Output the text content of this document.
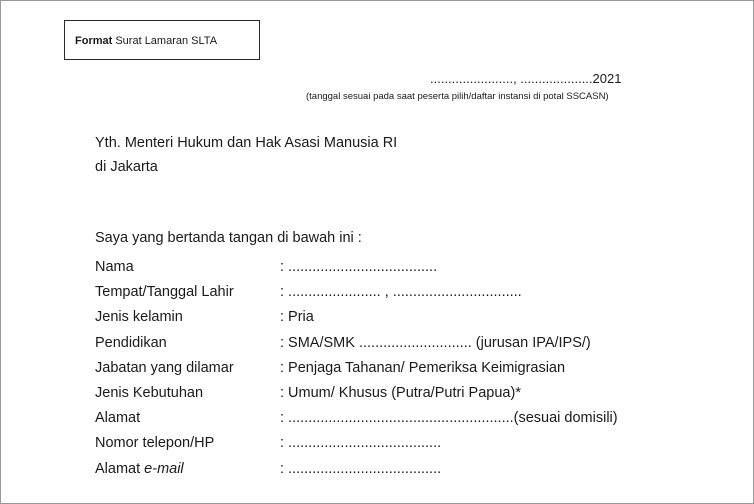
Format Surat Lamaran SLTA
......................., ....................2021
(tanggal sesuai pada saat peserta pilih/daftar instansi di potal SSCASN)
Yth. Menteri Hukum dan Hak Asasi Manusia RI
di Jakarta
Saya yang bertanda tangan di bawah ini :
Nama	: .....................................
Tempat/Tanggal Lahir	: ....................... , ................................
Jenis kelamin	: Pria
Pendidikan	: SMA/SMK ............................ (jurusan IPA/IPS/)
Jabatan yang dilamar	: Penjaga Tahanan/ Pemeriksa Keimigrasian
Jenis Kebutuhan	: Umum/ Khusus (Putra/Putri Papua)*
Alamat	: ........................................................(sesuai domisili)
Nomor telepon/HP	: ......................................
Alamat e-mail	: ......................................
